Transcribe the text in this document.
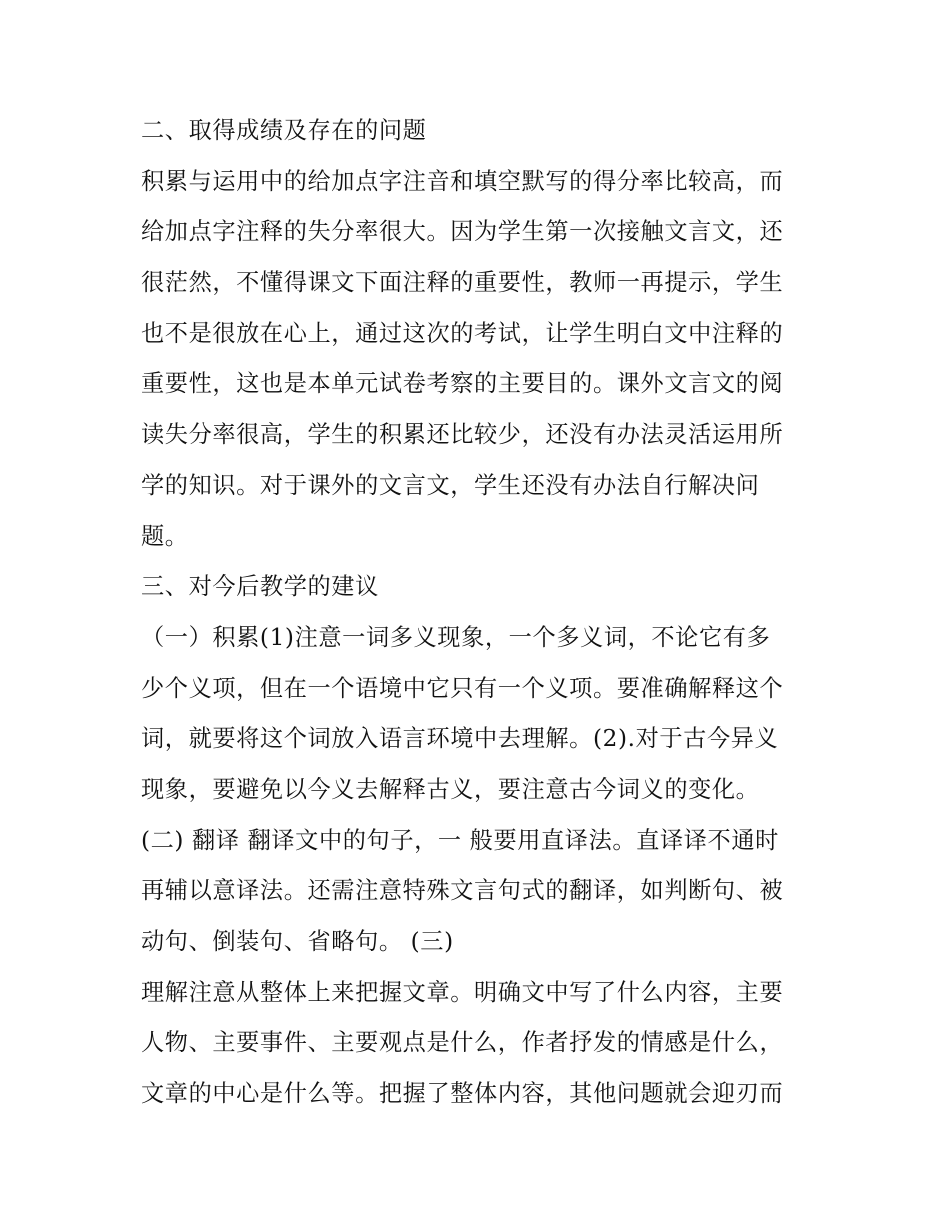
二、取得成绩及存在的问题
积累与运用中的给加点字注音和填空默写的得分率比较高，而
给加点字注释的失分率很大。因为学生第一次接触文言文，还
很茫然，不懂得课文下面注释的重要性，教师一再提示，学生
也不是很放在心上，通过这次的考试，让学生明白文中注释的
重要性，这也是本单元试卷考察的主要目的。课外文言文的阅
读失分率很高，学生的积累还比较少，还没有办法灵活运用所
学的知识。对于课外的文言文，学生还没有办法自行解决问
题。
三、对今后教学的建议
（一）积累(1)注意一词多义现象，一个多义词，不论它有多
少个义项，但在一个语境中它只有一个义项。要准确解释这个
词，就要将这个词放入语言环境中去理解。(2).对于古今异义
现象，要避免以今义去解释古义，要注意古今词义的变化。
(二) 翻译 翻译文中的句子，一 般要用直译法。直译译不通时
再辅以意译法。还需注意特殊文言句式的翻译，如判断句、被
动句、倒装句、省略句。 (三)
理解注意从整体上来把握文章。明确文中写了什么内容，主要
人物、主要事件、主要观点是什么，作者抒发的情感是什么，
文章的中心是什么等。把握了整体内容，其他问题就会迎刃而
